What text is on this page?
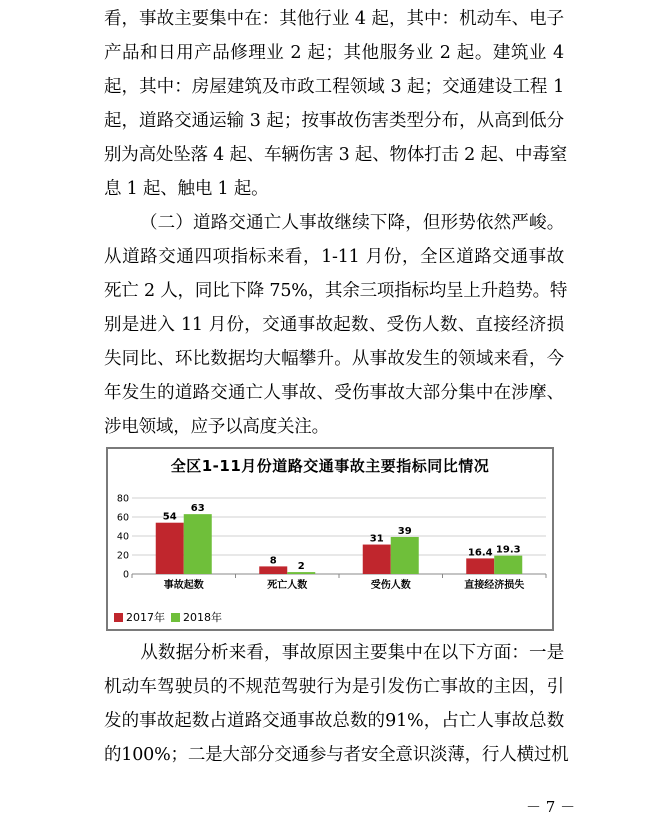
看，事故主要集中在：其他行业 4 起，其中：机动车、电子
产品和日用产品修理业 2 起；其他服务业 2 起。建筑业 4
起，其中：房屋建筑及市政工程领域 3 起；交通建设工程 1
起，道路交通运输 3 起；按事故伤害类型分布，从高到低分
别为高处坠落 4 起、车辆伤害 3 起、物体打击 2 起、中毒窒
息 1 起、触电 1 起。
（二）道路交通亡人事故继续下降，但形势依然严峻。
从道路交通四项指标来看，1-11 月份，全区道路交通事故
死亡 2 人，同比下降 75%，其余三项指标均呈上升趋势。特
别是进入 11 月份，交通事故起数、受伤人数、直接经济损
失同比、环比数据均大幅攀升。从事故发生的领域来看，今
年发生的道路交通亡人事故、受伤事故大部分集中在涉摩、
涉电领域，应予以高度关注。
全区1-11月份道路交通事故主要指标同比情况
80
60
40
20
0
54
63
事故起数
8
2
死亡人数
31
39
受伤人数
16.4 19.3
直接经济损失
2017年 2018年
从数据分析来看，事故原因主要集中在以下方面：一是
机动车驾驶员的不规范驾驶行为是引发伤亡事故的主因，引
发的事故起数占道路交通事故总数的91%，占亡人事故总数
的100%；二是大部分交通参与者安全意识淡薄，行人横过机
－ 7 －
